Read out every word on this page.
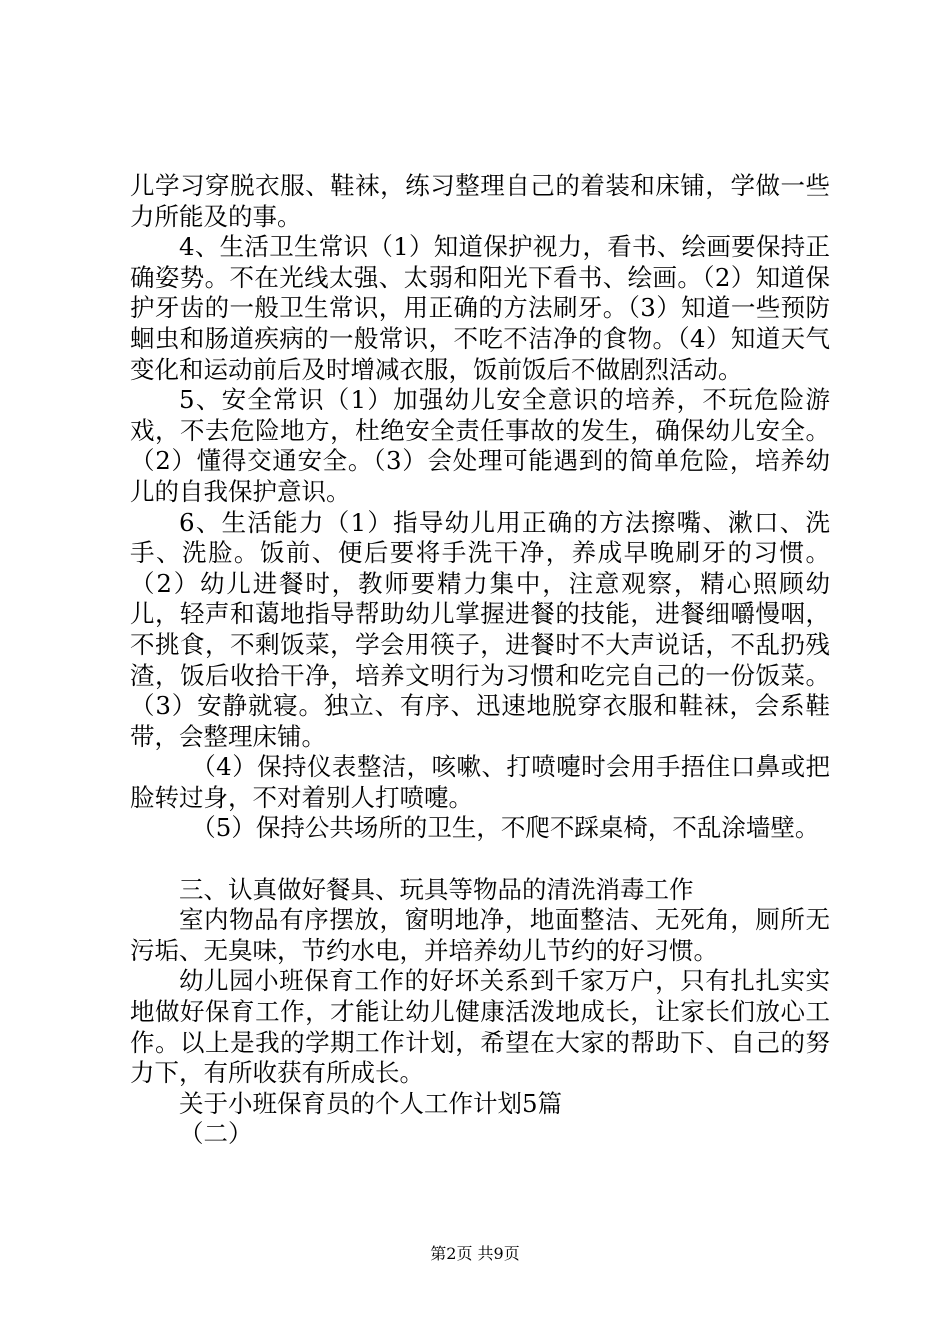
儿学习穿脱衣服、鞋袜，练习整理自己的着装和床铺，学做一些力所能及的事。

4、生活卫生常识（1）知道保护视力，看书、绘画要保持正确姿势。不在光线太强、太弱和阳光下看书、绘画。（2）知道保护牙齿的一般卫生常识，用正确的方法刷牙。（3）知道一些预防蛔虫和肠道疾病的一般常识，不吃不洁净的食物。（4）知道天气变化和运动前后及时增减衣服，饭前饭后不做剧烈活动。

5、安全常识（1）加强幼儿安全意识的培养，不玩危险游戏，不去危险地方，杜绝安全责任事故的发生，确保幼儿安全。（2）懂得交通安全。（3）会处理可能遇到的简单危险，培养幼儿的自我保护意识。

6、生活能力（1）指导幼儿用正确的方法擦嘴、漱口、洗手、洗脸。饭前、便后要将手洗干净，养成早晚刷牙的习惯。（2）幼儿进餐时，教师要精力集中，注意观察，精心照顾幼儿，轻声和蔼地指导帮助幼儿掌握进餐的技能，进餐细嚼慢咽，不挑食，不剩饭菜，学会用筷子，进餐时不大声说话，不乱扔残渣，饭后收拾干净，培养文明行为习惯和吃完自己的一份饭菜。（3）安静就寝。独立、有序、迅速地脱穿衣服和鞋袜，会系鞋带，会整理床铺。

（4）保持仪表整洁，咳嗽、打喷嚏时会用手捂住口鼻或把脸转过身，不对着别人打喷嚏。

（5）保持公共场所的卫生，不爬不踩桌椅，不乱涂墙壁。

三、认真做好餐具、玩具等物品的清洗消毒工作

室内物品有序摆放，窗明地净，地面整洁、无死角，厕所无污垢、无臭味，节约水电，并培养幼儿节约的好习惯。

幼儿园小班保育工作的好坏关系到千家万户，只有扎扎实实地做好保育工作，才能让幼儿健康活泼地成长，让家长们放心工作。以上是我的学期工作计划，希望在大家的帮助下、自己的努力下，有所收获有所成长。

关于小班保育员的个人工作计划5篇

（二）

第2页 共9页
